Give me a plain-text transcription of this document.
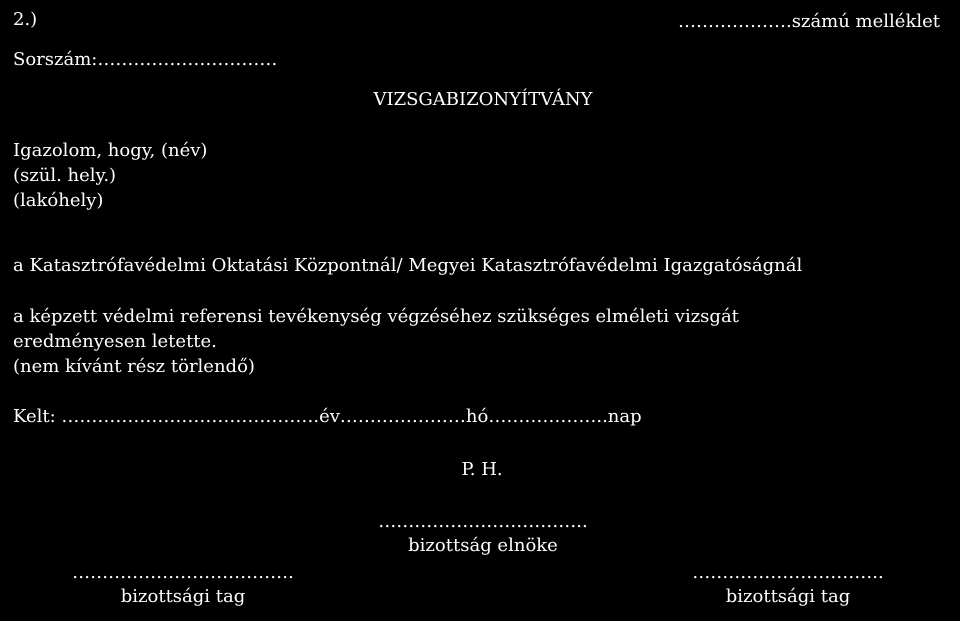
2.)	……………….számú melléklet
Sorszám:…………………………
VIZSGABIZONYÍTVÁNY
Igazolom, hogy, (név)
(szül. hely.)
(lakóhely)
a Katasztrófavédelmi Oktatási Központnál/ Megyei Katasztrófavédelmi Igazgatóságnál
a képzett védelmi referensi tevékenység végzéséhez szükséges elméleti vizsgát
eredményesen letette.
(nem kívánt rész törlendő)
Kelt: …………………………………….év…………………hó………………..nap
P. H.
……………………………..
bizottság elnöke
……………………………….
bizottsági tag
…………………………..
bizottsági tag
